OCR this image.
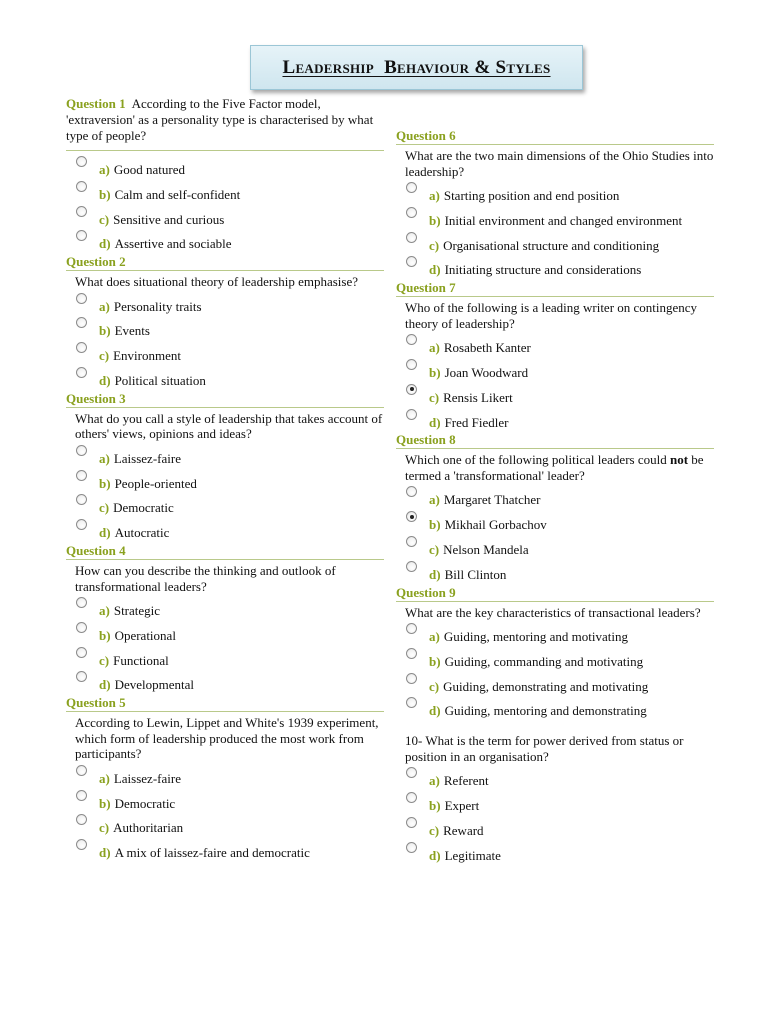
Leadership  Behaviour & Styles
Question 1 According to the Five Factor model, 'extraversion' as a personality type is characterised by what type of people?
a) Good natured
b) Calm and self-confident
c) Sensitive and curious
d) Assertive and sociable
Question 2
What does situational theory of leadership emphasise?
a) Personality traits
b) Events
c) Environment
d) Political situation
Question 3
What do you call a style of leadership that takes account of others' views, opinions and ideas?
a) Laissez-faire
b) People-oriented
c) Democratic
d) Autocratic
Question 4
How can you describe the thinking and outlook of transformational leaders?
a) Strategic
b) Operational
c) Functional
d) Developmental
Question 5
According to Lewin, Lippet and White's 1939 experiment, which form of leadership produced the most work from participants?
a) Laissez-faire
b) Democratic
c) Authoritarian
d) A mix of laissez-faire and democratic
Question 6
What are the two main dimensions of the Ohio Studies into leadership?
a) Starting position and end position
b) Initial environment and changed environment
c) Organisational structure and conditioning
d) Initiating structure and considerations
Question 7
Who of the following is a leading writer on contingency theory of leadership?
a) Rosabeth Kanter
b) Joan Woodward
c) Rensis Likert
d) Fred Fiedler
Question 8
Which one of the following political leaders could not be termed a 'transformational' leader?
a) Margaret Thatcher
b) Mikhail Gorbachov
c) Nelson Mandela
d) Bill Clinton
Question 9
What are the key characteristics of transactional leaders?
a) Guiding, mentoring and motivating
b) Guiding, commanding and motivating
c) Guiding, demonstrating and motivating
d) Guiding, mentoring and demonstrating
10- What is the term for power derived from status or position in an organisation?
a) Referent
b) Expert
c) Reward
d) Legitimate
